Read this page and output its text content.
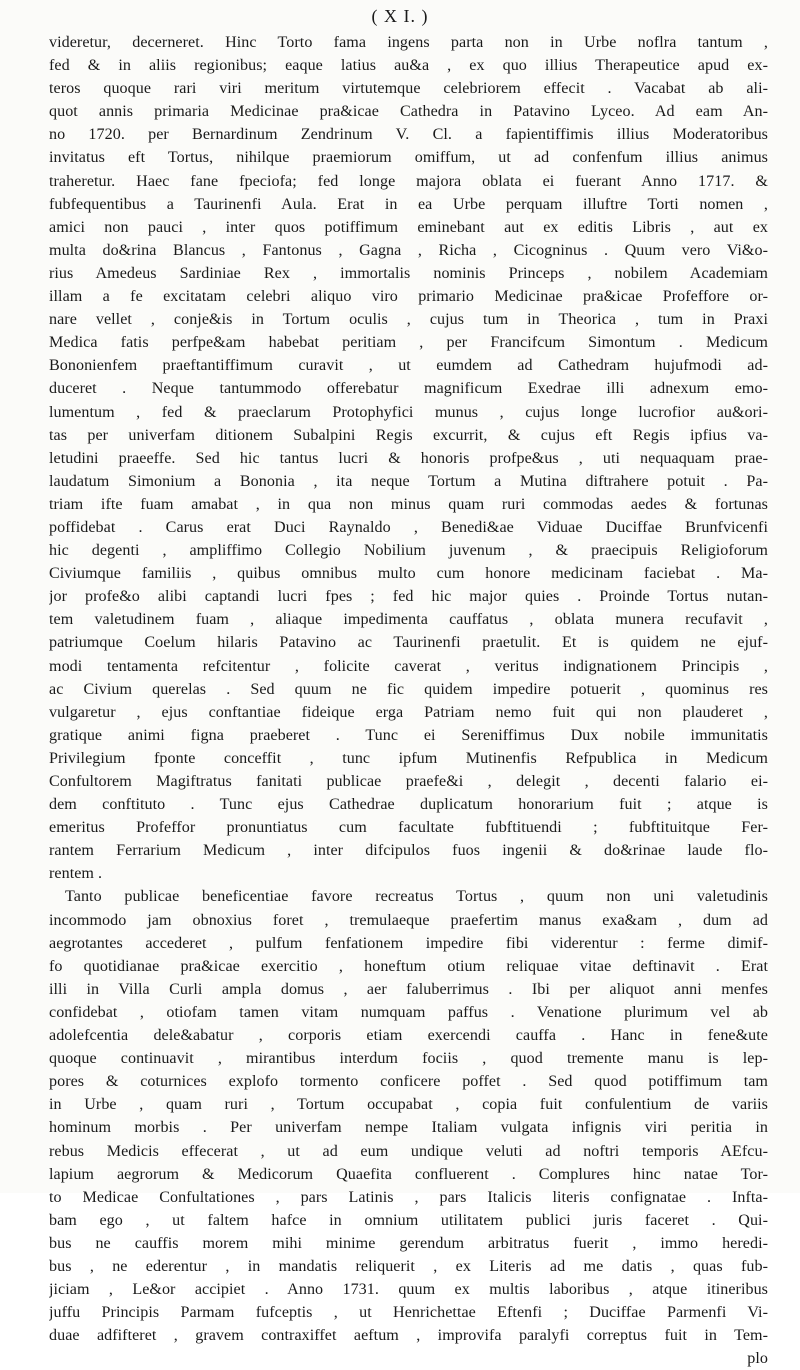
( X I. )
videretur, decerneret. Hinc Torto fama ingens parta non in Urbe noflra tantum ,
fed & in aliis regionibus; eaque latius au&a , ex quo illius Therapeutice apud ex-
teros quoque rari viri meritum virtutemque celebriorem effecit . Vacabat ab ali-
quot annis primaria Medicinae pra&icae Cathedra in Patavino Lyceo. Ad eam An-
no 1720. per Bernardinum Zendrinum V. Cl. a fapientiffimis illius Moderatoribus
invitatus eft Tortus, nihilque praemiorum omiffum, ut ad confenfum illius animus
traheretur. Haec fane fpeciofa; fed longe majora oblata ei fuerant Anno 1717. &
fubfequentibus a Taurinenfi Aula. Erat in ea Urbe perquam illuftre Torti nomen ,
amici non pauci , inter quos potiffimum eminebant aut ex editis Libris , aut ex
multa do&rina Blancus , Fantonus , Gagna , Richa , Cicogninus . Quum vero Vi&o-
rius Amedeus Sardiniae Rex , immortalis nominis Princeps , nobilem Academiam
illam a fe excitatam celebri aliquo viro primario Medicinae pra&icae Profeffore or-
nare vellet , conje&is in Tortum oculis , cujus tum in Theorica , tum in Praxi
Medica fatis perfpe&am habebat peritiam , per Francifcum Simontum . Medicum
Bononienfem praeftantiffimum curavit , ut eumdem ad Cathedram hujufmodi ad-
duceret . Neque tantummodo offerebatur magnificum Exedrae illi adnexum emo-
lumentum , fed & praeclarum Protophyfici munus , cujus longe lucrofior au&ori-
tas per univerfam ditionem Subalpini Regis excurrit, & cujus eft Regis ipfius va-
letudini praeeffe. Sed hic tantus lucri & honoris profpe&us , uti nequaquam prae-
laudatum Simonium a Bononia , ita neque Tortum a Mutina diftrahere potuit . Pa-
triam ifte fuam amabat , in qua non minus quam ruri commodas aedes & fortunas
poffidebat . Carus erat Duci Raynaldo , Benedi&ae Viduae Duciffae Brunfvicenfi
hic degenti , ampliffimo Collegio Nobilium juvenum , & praecipuis Religioforum
Civiumque familiis , quibus omnibus multo cum honore medicinam faciebat . Ma-
jor profe&o alibi captandi lucri fpes ; fed hic major quies . Proinde Tortus nutan-
tem valetudinem fuam , aliaque impedimenta cauffatus , oblata munera recufavit ,
patriumque Coelum hilaris Patavino ac Taurinenfi praetulit. Et is quidem ne ejuf-
modi tentamenta refcitentur , folicite caverat , veritus indignationem Principis ,
ac Civium querelas . Sed quum ne fic quidem impedire potuerit , quominus res
vulgaretur , ejus conftantiae fideique erga Patriam nemo fuit qui non plauderet ,
gratique animi figna praeberet . Tunc ei Sereniffimus Dux nobile immunitatis
Privilegium fponte conceffit , tunc ipfum Mutinenfis Refpublica in Medicum
Confultorem Magiftratus fanitati publicae praefe&i , delegit , decenti falario ei-
dem conftituto . Tunc ejus Cathedrae duplicatum honorarium fuit ; atque is
emeritus Profeffor pronuntiatus cum facultate fubftituendi ; fubftituitque Fer-
rantem Ferrarium Medicum , inter difcipulos fuos ingenii & do&rinae laude flo-
rentem .
Tanto publicae beneficentiae favore recreatus Tortus , quum non uni valetudinis
incommodo jam obnoxius foret , tremulaeque praefertim manus exa&am , dum ad
aegrotantes accederet , pulfum fenfationem impedire fibi viderentur : ferme dimif-
fo quotidianae pra&icae exercitio , honeftum otium reliquae vitae deftinavit . Erat
illi in Villa Curli ampla domus , aer faluberrimus . Ibi per aliquot anni menfes
confidebat , otiofam tamen vitam numquam paffus . Venatione plurimum vel ab
adolefcentia dele&abatur , corporis etiam exercendi cauffa . Hanc in fene&ute
quoque continuavit , mirantibus interdum fociis , quod tremente manu is lep-
pores & coturnices explofo tormento conficere poffet . Sed quod potiffimum tam
in Urbe , quam ruri , Tortum occupabat , copia fuit confulentium de variis
hominum morbis . Per univerfam nempe Italiam vulgata infignis viri peritia in
rebus Medicis effecerat , ut ad eum undique veluti ad noftri temporis AEfcu-
lapium aegrorum & Medicorum Quaefita confluerent . Complures hinc natae Tor-
to Medicae Confultationes , pars Latinis , pars Italicis literis confignatae . Infta-
bam ego , ut faltem hafce in omnium utilitatem publici juris faceret . Qui-
bus ne cauffis morem mihi minime gerendum arbitratus fuerit , immo heredi-
bus , ne ederentur , in mandatis reliquerit , ex Literis ad me datis , quas fub-
jiciam , Le&or accipiet . Anno 1731. quum ex multis laboribus , atque itineribus
juffu Principis Parmam fufceptis , ut Henrichettae Eftenfi ; Duciffae Parmenfi Vi-
duae adfifteret , gravem contraxiffet aeftum , improvifa paralyfi correptus fuit in Tem-
plo
